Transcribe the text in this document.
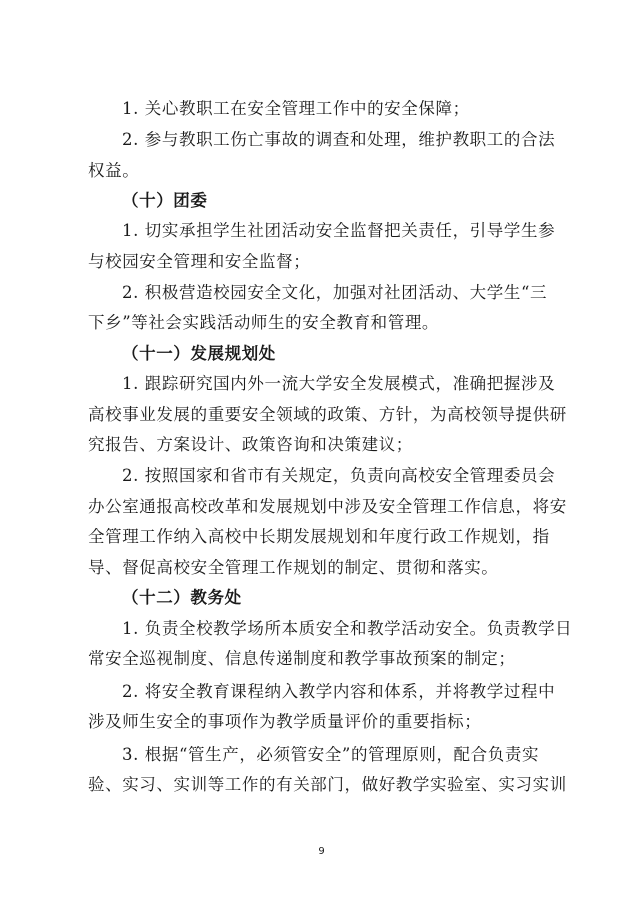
1. 关心教职工在安全管理工作中的安全保障；
2. 参与教职工伤亡事故的调查和处理，维护教职工的合法
权益。
（十）团委
1. 切实承担学生社团活动安全监督把关责任，引导学生参
与校园安全管理和安全监督；
2. 积极营造校园安全文化，加强对社团活动、大学生“三
下乡”等社会实践活动师生的安全教育和管理。
（十一）发展规划处
1. 跟踪研究国内外一流大学安全发展模式，准确把握涉及
高校事业发展的重要安全领域的政策、方针，为高校领导提供研
究报告、方案设计、政策咨询和决策建议；
2. 按照国家和省市有关规定，负责向高校安全管理委员会
办公室通报高校改革和发展规划中涉及安全管理工作信息，将安
全管理工作纳入高校中长期发展规划和年度行政工作规划，指
导、督促高校安全管理工作规划的制定、贯彻和落实。
（十二）教务处
1. 负责全校教学场所本质安全和教学活动安全。负责教学日
常安全巡视制度、信息传递制度和教学事故预案的制定；
2. 将安全教育课程纳入教学内容和体系，并将教学过程中
涉及师生安全的事项作为教学质量评价的重要指标；
3. 根据“管生产，必须管安全”的管理原则，配合负责实
验、实习、实训等工作的有关部门，做好教学实验室、实习实训
9
